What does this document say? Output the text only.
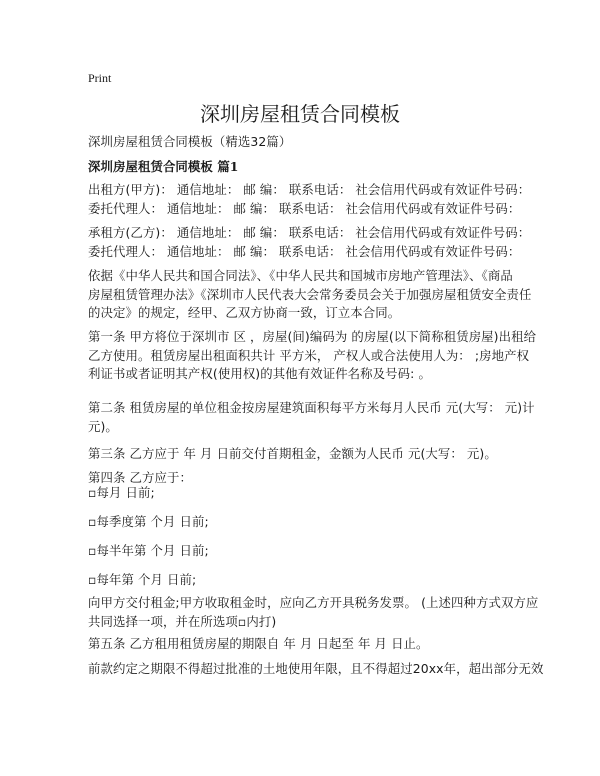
Print
深圳房屋租赁合同模板
深圳房屋租赁合同模板（精选32篇）
深圳房屋租赁合同模板 篇1
出租方(甲方)： 通信地址： 邮 编： 联系电话： 社会信用代码或有效证件号码：
委托代理人： 通信地址： 邮 编： 联系电话： 社会信用代码或有效证件号码：
承租方(乙方)： 通信地址： 邮 编： 联系电话： 社会信用代码或有效证件号码：
委托代理人： 通信地址： 邮 编： 联系电话： 社会信用代码或有效证件号码：
依据《中华人民共和国合同法》、《中华人民共和国城市房地产管理法》、《商品
房屋租赁管理办法》《深圳市人民代表大会常务委员会关于加强房屋租赁安全责任
的决定》的规定，经甲、乙双方协商一致，订立本合同。
第一条 甲方将位于深圳市 区 ，房屋(间)编码为 的房屋(以下简称租赁房屋)出租给
乙方使用。租赁房屋出租面积共计 平方米， 产权人或合法使用人为： ;房地产权
利证书或者证明其产权(使用权)的其他有效证件名称及号码: 。
第二条 租赁房屋的单位租金按房屋建筑面积每平方米每月人民币 元(大写： 元)计
元)。
第三条 乙方应于 年 月 日前交付首期租金，金额为人民币 元(大写： 元)。
第四条 乙方应于：
▫每月 日前;
▫每季度第 个月 日前;
▫每半年第 个月 日前;
▫每年第 个月 日前;
向甲方交付租金;甲方收取租金时，应向乙方开具税务发票。 (上述四种方式双方应
共同选择一项，并在所选项▫内打)
第五条 乙方租用租赁房屋的期限自 年 月 日起至 年 月 日止。
前款约定之期限不得超过批准的土地使用年限，且不得超过20xx年，超出部分无效
